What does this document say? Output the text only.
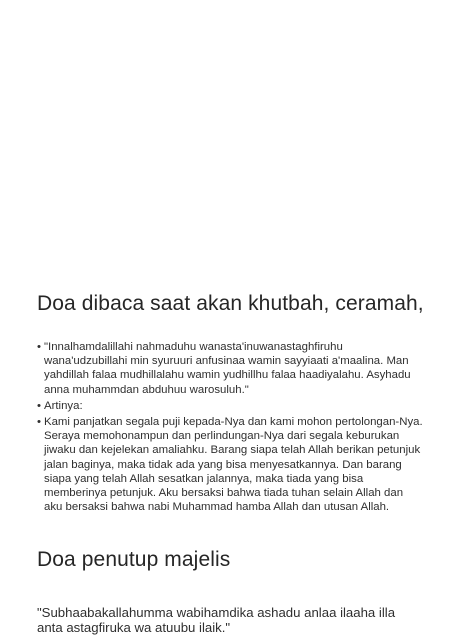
Doa dibaca saat akan khutbah, ceramah,
• "Innalhamdalillahi nahmaduhu wanasta'inuwanastaghfiruhu
wana'udzubillahi min syuruuri anfusinaa wamin sayyiaati a'maalina. Man
yahdillah falaa mudhillalahu wamin yudhillhu falaa haadiyalahu. Asyhadu
anna muhammdan abduhuu warosuluh."
• Artinya:
• Kami panjatkan segala puji kepada-Nya dan kami mohon pertolongan-Nya.
Seraya memohonampun dan perlindungan-Nya dari segala keburukan
jiwaku dan kejelekan amaliahku. Barang siapa telah Allah berikan petunjuk
jalan baginya, maka tidak ada yang bisa menyesatkannya. Dan barang
siapa yang telah Allah sesatkan jalannya, maka tiada yang bisa
memberinya petunjuk. Aku bersaksi bahwa tiada tuhan selain Allah dan
aku bersaksi bahwa nabi Muhammad hamba Allah dan utusan Allah.
Doa penutup majelis

"Subhaabakallahumma wabihamdika ashadu anlaa ilaaha illa
anta astagfiruka wa atuubu ilaik."
